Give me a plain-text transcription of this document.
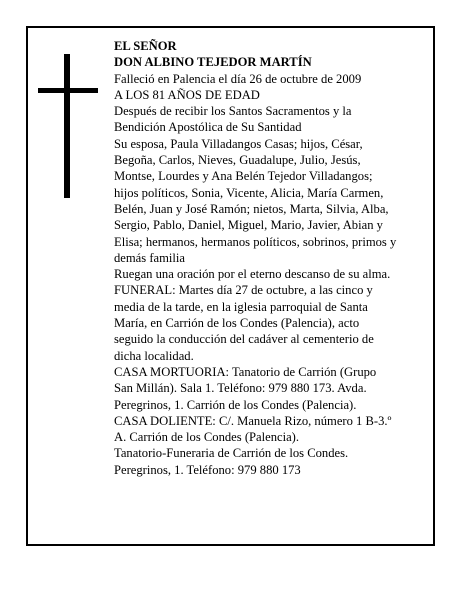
EL SEÑOR

DON ALBINO TEJEDOR MARTÍN

Falleció en Palencia el día 26 de octubre de 2009

A LOS 81 AÑOS DE EDAD

Después de recibir los Santos Sacramentos y la
Bendición Apostólica de Su Santidad

Su esposa, Paula Villadangos Casas; hijos, César,
Begoña, Carlos, Nieves, Guadalupe, Julio, Jesús,
Montse, Lourdes y Ana Belén Tejedor Villadangos;
hijos políticos, Sonia, Vicente, Alicia, María Carmen,
Belén, Juan y José Ramón; nietos, Marta, Silvia, Alba,
Sergio, Pablo, Daniel, Miguel, Mario, Javier, Abian y
Elisa; hermanos, hermanos políticos, sobrinos, primos y
demás familia

Ruegan una oración por el eterno descanso de su alma.

FUNERAL: Martes día 27 de octubre, a las cinco y
media de la tarde, en la iglesia parroquial de Santa
María, en Carrión de los Condes (Palencia), acto
seguido la conducción del cadáver al cementerio de
dicha localidad.

CASA MORTUORIA: Tanatorio de Carrión (Grupo
San Millán). Sala 1. Teléfono: 979 880 173. Avda.
Peregrinos, 1. Carrión de los Condes (Palencia).

CASA DOLIENTE: C/. Manuela Rizo, número 1 B-3.º
A. Carrión de los Condes (Palencia).

Tanatorio-Funeraria de Carrión de los Condes.
Peregrinos, 1. Teléfono: 979 880 173
